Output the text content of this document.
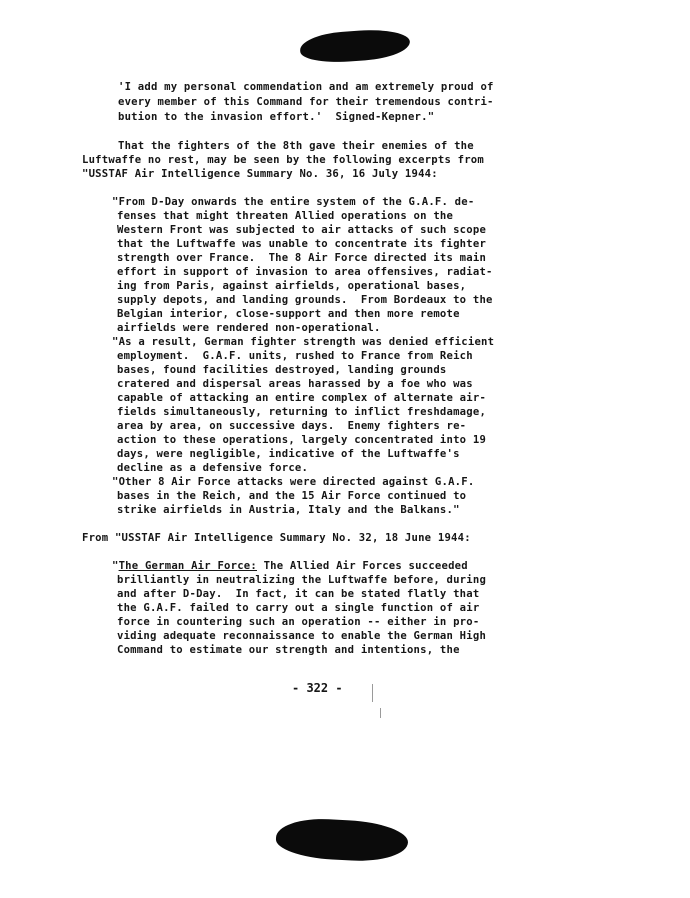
'I add my personal commendation and am extremely proud of
every member of this Command for their tremendous contri-
bution to the invasion effort.'  Signed-Kepner."
That the fighters of the 8th gave their enemies of the
Luftwaffe no rest, may be seen by the following excerpts from
"USSTAF Air Intelligence Summary No. 36, 16 July 1944:
"From D-Day onwards the entire system of the G.A.F. de-
fenses that might threaten Allied operations on the
Western Front was subjected to air attacks of such scope
that the Luftwaffe was unable to concentrate its fighter
strength over France.  The 8 Air Force directed its main
effort in support of invasion to area offensives, radiat-
ing from Paris, against airfields, operational bases,
supply depots, and landing grounds.  From Bordeaux to the
Belgian interior, close-support and then more remote
airfields were rendered non-operational.
"As a result, German fighter strength was denied efficient
employment.  G.A.F. units, rushed to France from Reich
bases, found facilities destroyed, landing grounds
cratered and dispersal areas harassed by a foe who was
capable of attacking an entire complex of alternate air-
fields simultaneously, returning to inflict freshdamage,
area by area, on successive days.  Enemy fighters re-
action to these operations, largely concentrated into 19
days, were negligible, indicative of the Luftwaffe's
decline as a defensive force.
"Other 8 Air Force attacks were directed against G.A.F.
bases in the Reich, and the 15 Air Force continued to
strike airfields in Austria, Italy and the Balkans."
From "USSTAF Air Intelligence Summary No. 32, 18 June 1944:
"The German Air Force: The Allied Air Forces succeeded
brilliantly in neutralizing the Luftwaffe before, during
and after D-Day.  In fact, it can be stated flatly that
the G.A.F. failed to carry out a single function of air
force in countering such an operation -- either in pro-
viding adequate reconnaissance to enable the German High
Command to estimate our strength and intentions, the
- 322 -
